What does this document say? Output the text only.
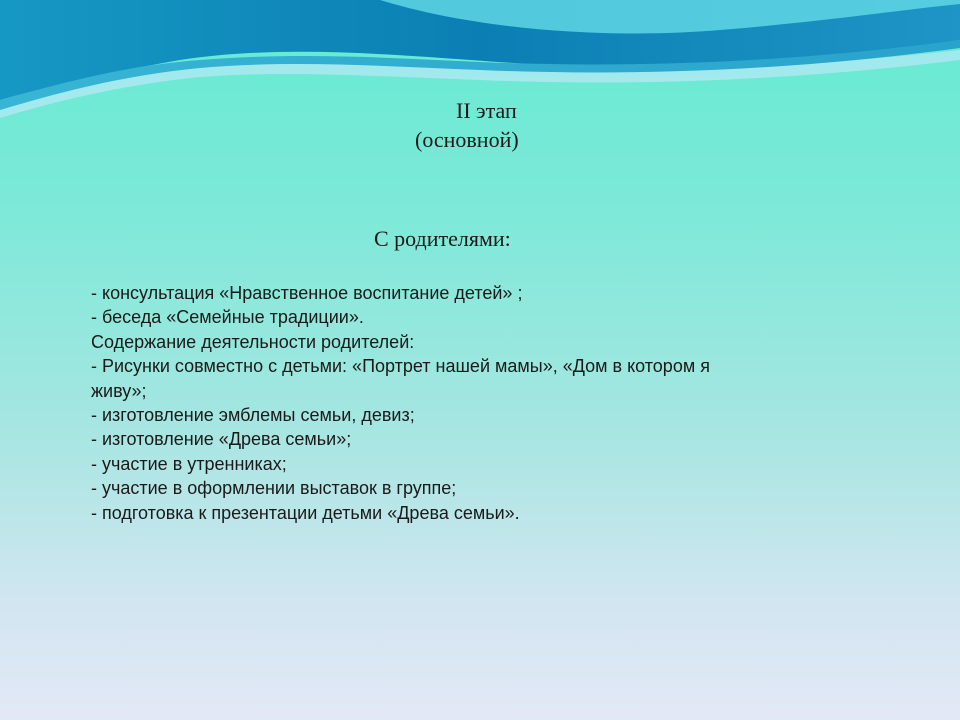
II этап
(основной)
С родителями:
- консультация «Нравственное воспитание детей» ;
- беседа «Семейные традиции».
Содержание деятельности родителей:
- Рисунки совместно с детьми: «Портрет нашей мамы», «Дом в котором я
живу»;
- изготовление эмблемы семьи, девиз;
- изготовление «Древа семьи»;
- участие в утренниках;
- участие в оформлении выставок в группе;
- подготовка к презентации детьми «Древа семьи».
